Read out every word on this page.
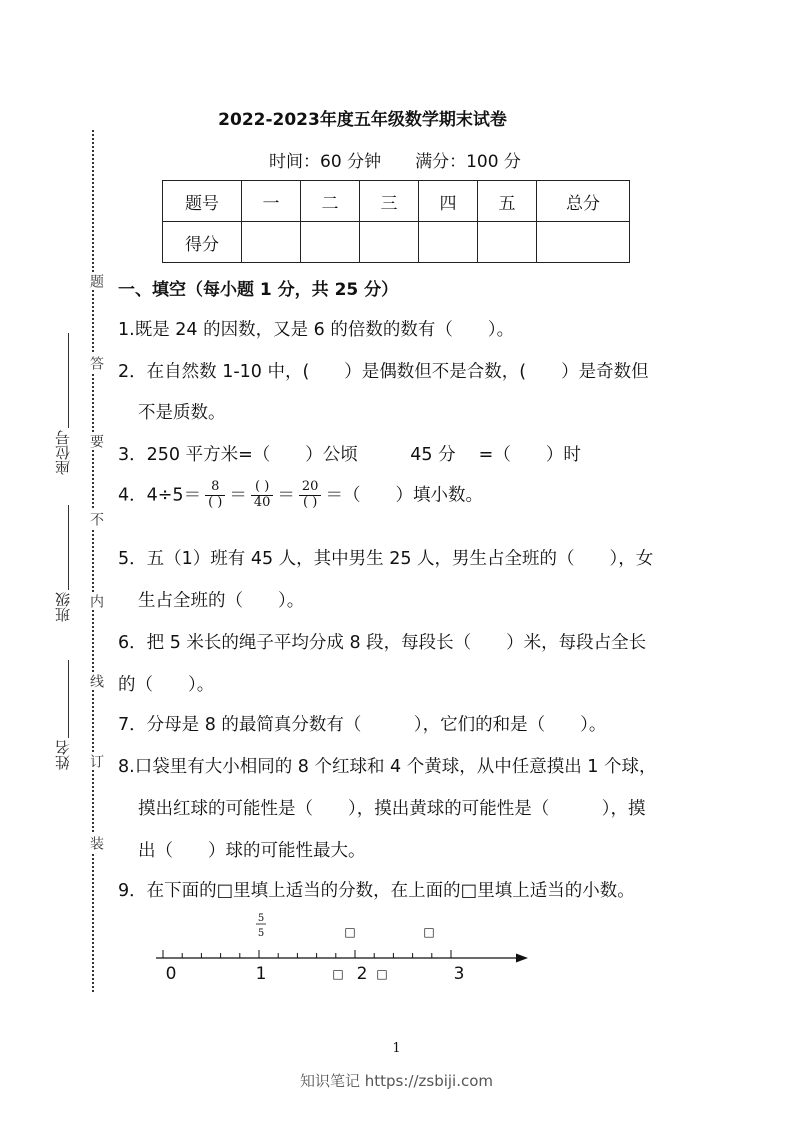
座位号
班级
姓名
题
答
要
不
内
线
订
装
2022-2023年度五年级数学期末试卷
时间：60 分钟　　满分：100 分
题号	一	二	三	四	五	总分
得分						
一、填空（每小题 1 分，共 25 分）
1.既是 24 的因数，又是 6 的倍数的数有（　　）。
2．在自然数 1-10 中，(　　）是偶数但不是合数，(　　）是奇数但
不是质数。
3．250 平方米=（　　）公顷　　　45 分　 =（　　）时
4．$4\div 5= \frac{8}{( )} = \frac{( )}{40} = \frac{20}{( )}$ ＝（　　）填小数。
5．五（1）班有 45 人，其中男生 25 人，男生占全班的（　　），女
生占全班的（　　）。
6．把 5 米长的绳子平均分成 8 段，每段长（　　）米，每段占全长
的（　　）。
7．分母是 8 的最简真分数有（　　　），它们的和是（　　）。
8.口袋里有大小相同的 8 个红球和 4 个黄球，从中任意摸出 1 个球，
摸出红球的可能性是（　　），摸出黄球的可能性是（　　　），摸
出（　　）球的可能性最大。
9．在下面的□里填上适当的分数，在上面的□里填上适当的小数。
□	□
5
5
0	1	2	3
□	□
1
知识笔记 https://zsbiji.com
